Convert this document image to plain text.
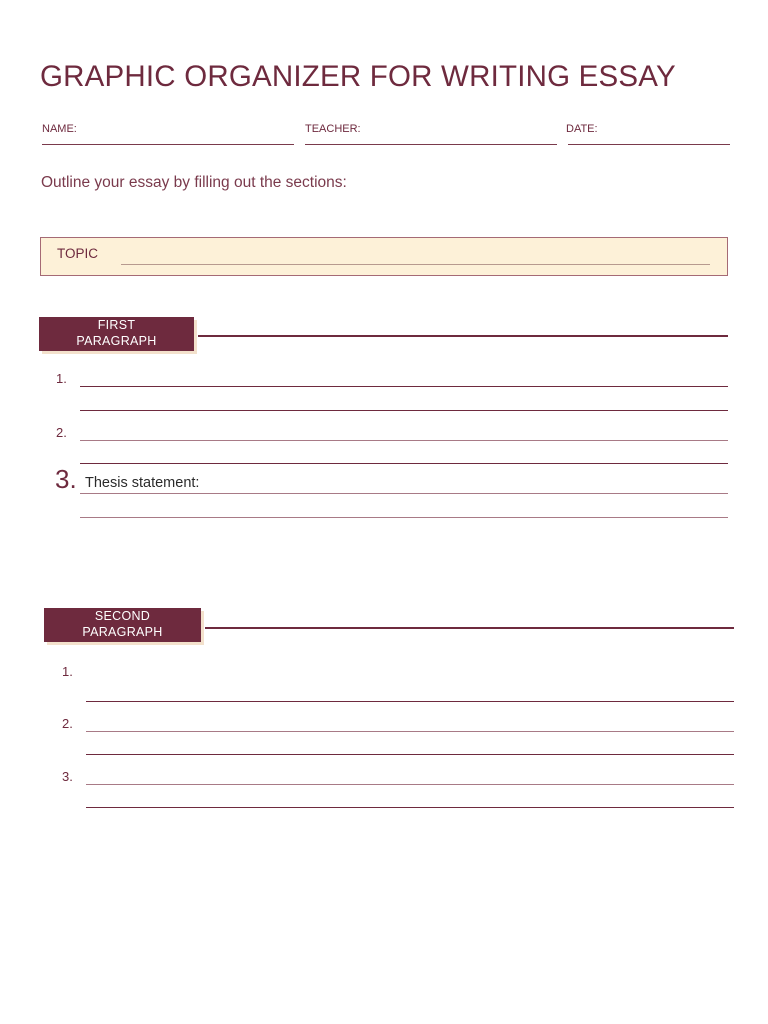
GRAPHIC ORGANIZER FOR WRITING ESSAY
NAME:	TEACHER:	DATE:
Outline your essay by filling out the sections:
TOPIC
FIRST
PARAGRAPH
1.
2.
3. Thesis statement:
SECOND
PARAGRAPH
1.
2.
3.
